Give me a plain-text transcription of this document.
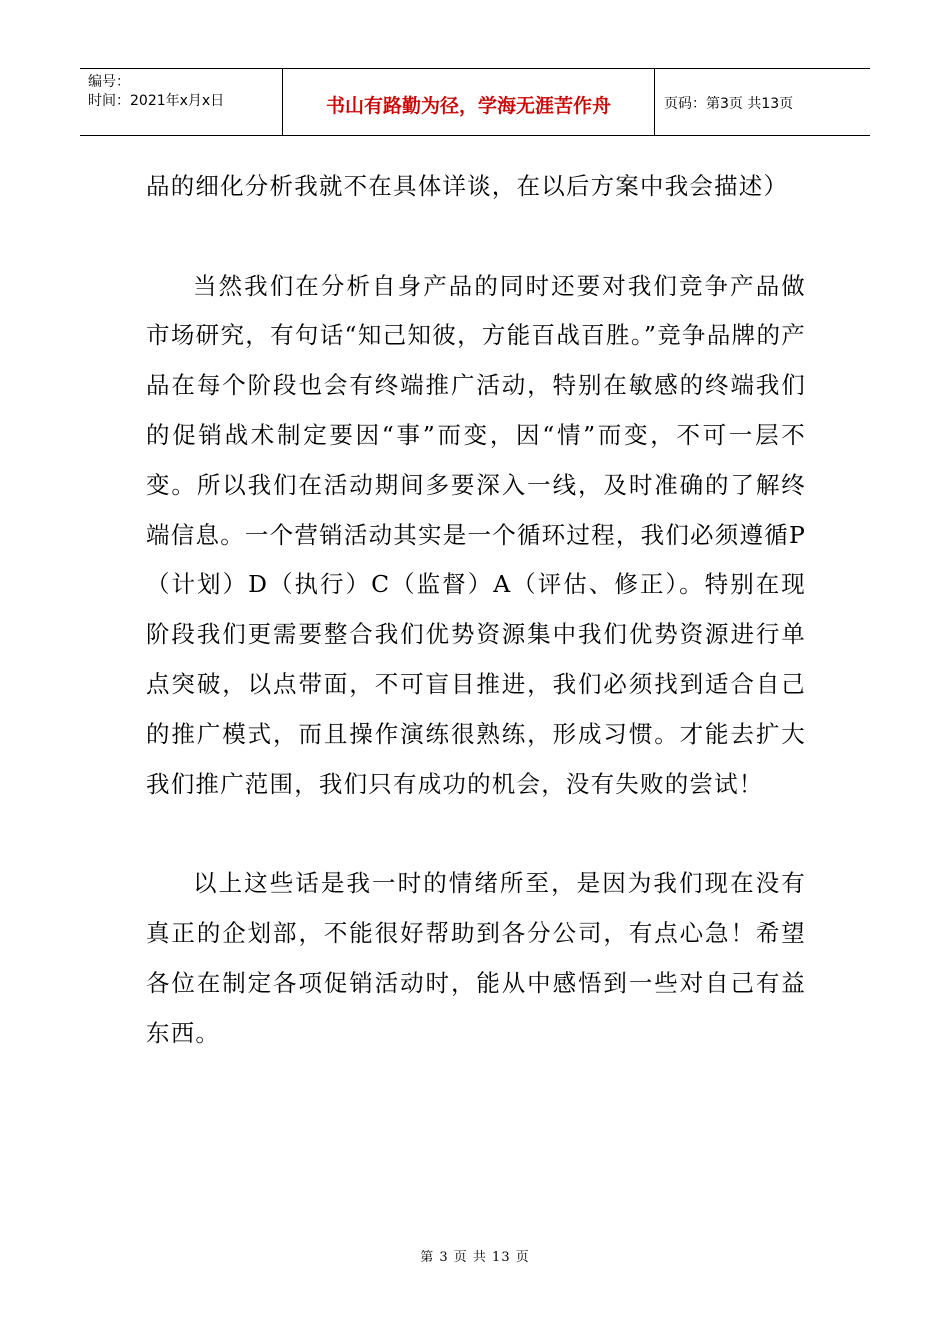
编号：
时间：2021年x月x日	书山有路勤为径，学海无涯苦作舟	页码：第3页 共13页

品的细化分析我就不在具体详谈，在以后方案中我会描述）

当然我们在分析自身产品的同时还要对我们竞争产品做市场研究，有句话“知己知彼，方能百战百胜。”竞争品牌的产品在每个阶段也会有终端推广活动，特别在敏感的终端我们的促销战术制定要因“事”而变，因“情”而变，不可一层不变。所以我们在活动期间多要深入一线，及时准确的了解终端信息。一个营销活动其实是一个循环过程，我们必须遵循P（计划）D（执行）C（监督）A（评估、修正）。特别在现阶段我们更需要整合我们优势资源集中我们优势资源进行单点突破，以点带面，不可盲目推进，我们必须找到适合自己的推广模式，而且操作演练很熟练，形成习惯。才能去扩大我们推广范围，我们只有成功的机会，没有失败的尝试！

以上这些话是我一时的情绪所至，是因为我们现在没有真正的企划部，不能很好帮助到各分公司，有点心急！希望各位在制定各项促销活动时，能从中感悟到一些对自己有益东西。

第 3 页 共 13 页
